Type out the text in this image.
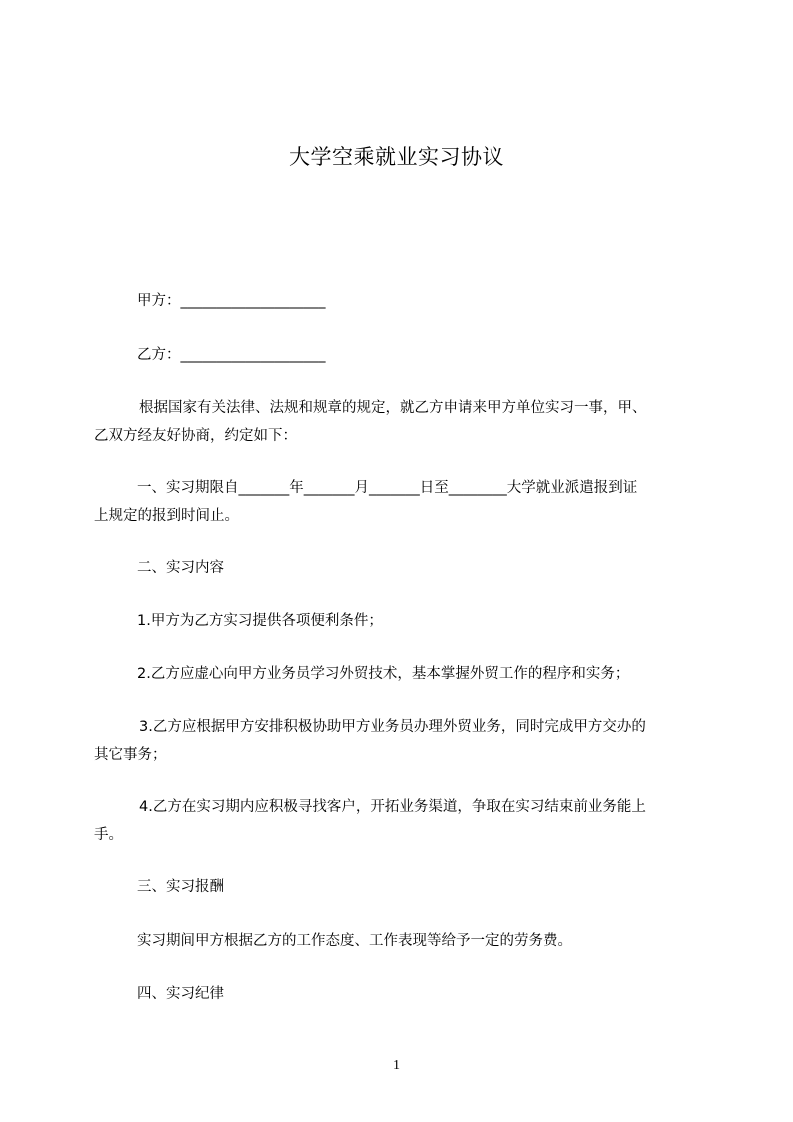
大学空乘就业实习协议
甲方：____________________
乙方：____________________
根据国家有关法律、法规和规章的规定，就乙方申请来甲方单位实习一事，甲、
乙双方经友好协商，约定如下：
一、实习期限自_______年_______月_______日至________大学就业派遣报到证
上规定的报到时间止。
二、实习内容
1.甲方为乙方实习提供各项便利条件；
2.乙方应虚心向甲方业务员学习外贸技术，基本掌握外贸工作的程序和实务；
3.乙方应根据甲方安排积极协助甲方业务员办理外贸业务，同时完成甲方交办的
其它事务；
4.乙方在实习期内应积极寻找客户，开拓业务渠道，争取在实习结束前业务能上
手。
三、实习报酬
实习期间甲方根据乙方的工作态度、工作表现等给予一定的劳务费。
四、实习纪律
1
